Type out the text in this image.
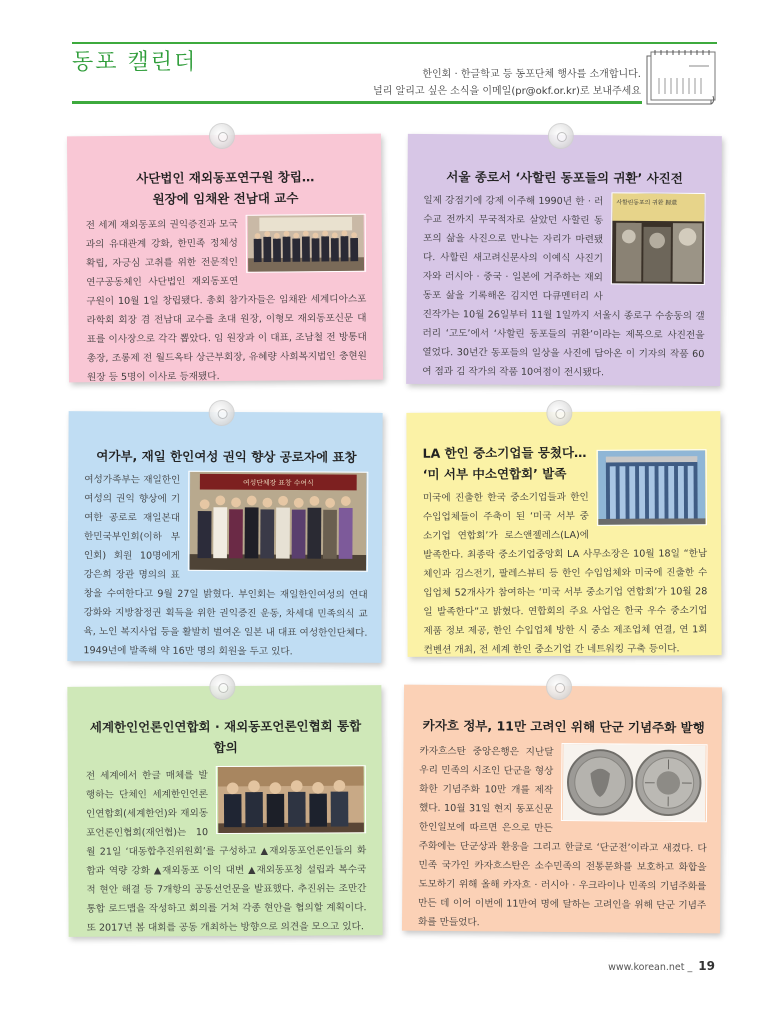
동포 캘린더	한인회 · 한글학교 등 동포단체 행사를 소개합니다.
널리 알리고 싶은 소식을 이메일(pr@okf.or.kr)로 보내주세요
사단법인 재외동포연구원 창립…
원장에 임채완 전남대 교수
전 세계 재외동포의 권익증진과 모국과의 유대관계 강화, 한민족 정체성 확립, 자긍심 고취를 위한 전문적인 연구공동체인 사단법인 재외동포연구원이 10월 1일 창립됐다. 총회 참가자들은 임채완 세계디아스포라학회 회장 겸 전남대 교수를 초대 원장, 이형모 재외동포신문 대표를 이사장으로 각각 뽑았다. 임 원장과 이 대표, 조남철 전 방통대 총장, 조롱제 전 월드옥타 상근부회장, 유혜량 사회복지법인 충현원 원장 등 5명이 이사로 등재됐다.
서울 종로서 ‘사할린 동포들의 귀환’ 사진전
사할린동포의 귀환 歸還
일제 강점기에 강제 이주해 1990년 한 · 러 수교 전까지 무국적자로 살았던 사할린 동포의 삶을 사진으로 만나는 자리가 마련됐다. 사할린 새고려신문사의 이예식 사진기자와 러시아 · 중국 · 일본에 거주하는 재외동포 삶을 기록해온 김지연 다큐멘터리 사진작가는 10월 26일부터 11월 1일까지 서울시 종로구 수송동의 갤러리 ‘고도’에서 ‘사할린 동포들의 귀환’이라는 제목으로 사진전을 열었다. 30년간 동포들의 일상을 사진에 담아온 이 기자의 작품 60여 점과 김 작가의 작품 10여점이 전시됐다.
여가부, 재일 한인여성 권익 향상 공로자에 표창
여성단체장 표창 수여식
여성가족부는 재일한인여성의 권익 향상에 기여한 공로로 재일본대한민국부인회(이하 부인회) 회원 10명에게 강은희 장관 명의의 표창을 수여한다고 9월 27일 밝혔다. 부인회는 재일한인여성의 연대 강화와 지방참정권 획득을 위한 권익증진 운동, 차세대 민족의식 교육, 노인 복지사업 등을 활발히 벌여온 일본 내 대표 여성한인단체다. 1949년에 발족해 약 16만 명의 회원을 두고 있다.
LA 한인 중소기업들 뭉쳤다…
‘미 서부 中소연합회’ 발족
미국에 진출한 한국 중소기업들과 한인 수입업체들이 주축이 된 ‘미국 서부 중소기업 연합회’가 로스앤젤레스(LA)에 발족한다. 최종락 중소기업중앙회 LA 사무소장은 10월 18일 “한남체인과 김스전기, 팔레스뷰티 등 한인 수입업체와 미국에 진출한 수입업체 52개사가 참여하는 ‘미국 서부 중소기업 연합회’가 10월 28일 발족한다”고 밝혔다. 연합회의 주요 사업은 한국 우수 중소기업 제품 정보 제공, 한인 수입업체 방한 시 중소 제조업체 연결, 연 1회 컨벤션 개최, 전 세계 한인 중소기업 간 네트워킹 구축 등이다.
세계한인언론인연합회 · 재외동포언론인협회 통합 합의
전 세계에서 한글 매체를 발행하는 단체인 세계한인언론인연합회(세계한언)와 재외동포언론인협회(재언협)는 10월 21일 ‘대동합추진위원회’를 구성하고 ▲재외동포언론인들의 화합과 역량 강화 ▲재외동포 이익 대변 ▲재외동포청 설립과 복수국적 현안 해결 등 7개항의 공동선언문을 발표했다. 추진위는 조만간 통합 로드맵을 작성하고 회의를 거쳐 각종 현안을 협의할 계획이다. 또 2017년 봄 대회를 공동 개최하는 방향으로 의견을 모으고 있다.
카자흐 정부, 11만 고려인 위해 단군 기념주화 발행
카자흐스탄 중앙은행은 지난달 우리 민족의 시조인 단군을 형상화한 기념주화 10만 개를 제작했다. 10월 31일 현지 동포신문 한인일보에 따르면 은으로 만든 주화에는 단군상과 환웅을 그리고 한글로 ‘단군전’이라고 새겼다. 다민족 국가인 카자흐스탄은 소수민족의 전통문화를 보호하고 화합을 도모하기 위해 올해 카자흐 · 러시아 · 우크라이나 민족의 기념주화를 만든 데 이어 이번에 11만여 명에 달하는 고려인을 위해 단군 기념주화를 만들었다.
www.korean.net _ 19
